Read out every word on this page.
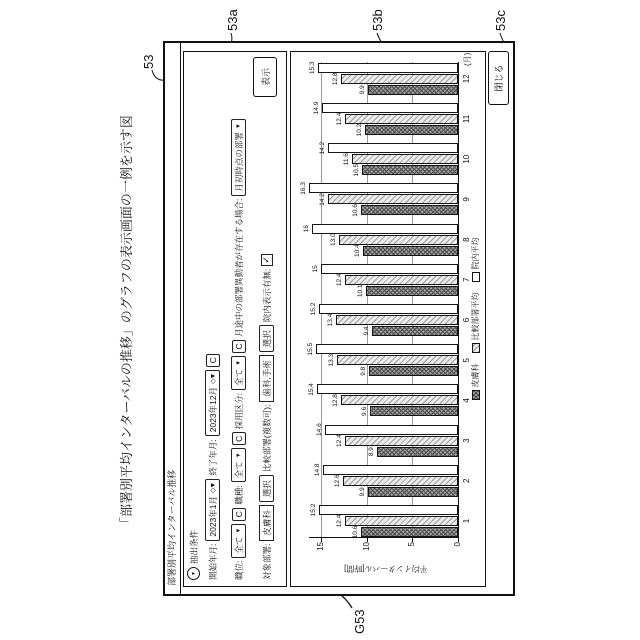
「部署別平均インターバルの推移」のグラフの表示画面の一例を示す図
53
53a	53b	53c
G53
部署別平均インターバル推移	▼
抽出条件 開始年月:
2023年1月
◇▼
終了年月:
2023年12月
◇▼
C
職位:
全て
▼
C
職種:
全て
▼
C
採用区分:
全て
▼
C
月途中の部署異動者が存在する場合:
月初時点の部署
▼
対象部署:
皮膚科
選択
比較部署(複数可):
歯科,手術
選択
院内表示有無:
✓
表示
0
5
10
15
1
2
3
4
5
6
7
8
9
10
11
12
(月)
10.6
9.9
8.9
9.6
9.8
9.4
10.1
10.4
10.6
10.5
10.2
9.9
12.4
12.6
12.4
12.8
13.3
13.4
12.4
13.0
14.2
11.6
12.4
12.8
15.2
14.8
14.6
15.4
15.5
15.2
15
16
16.3
14.2
14.9
15.3
平均インターバル[時間]
皮膚科
比較部署平均
院内平均
閉じる
